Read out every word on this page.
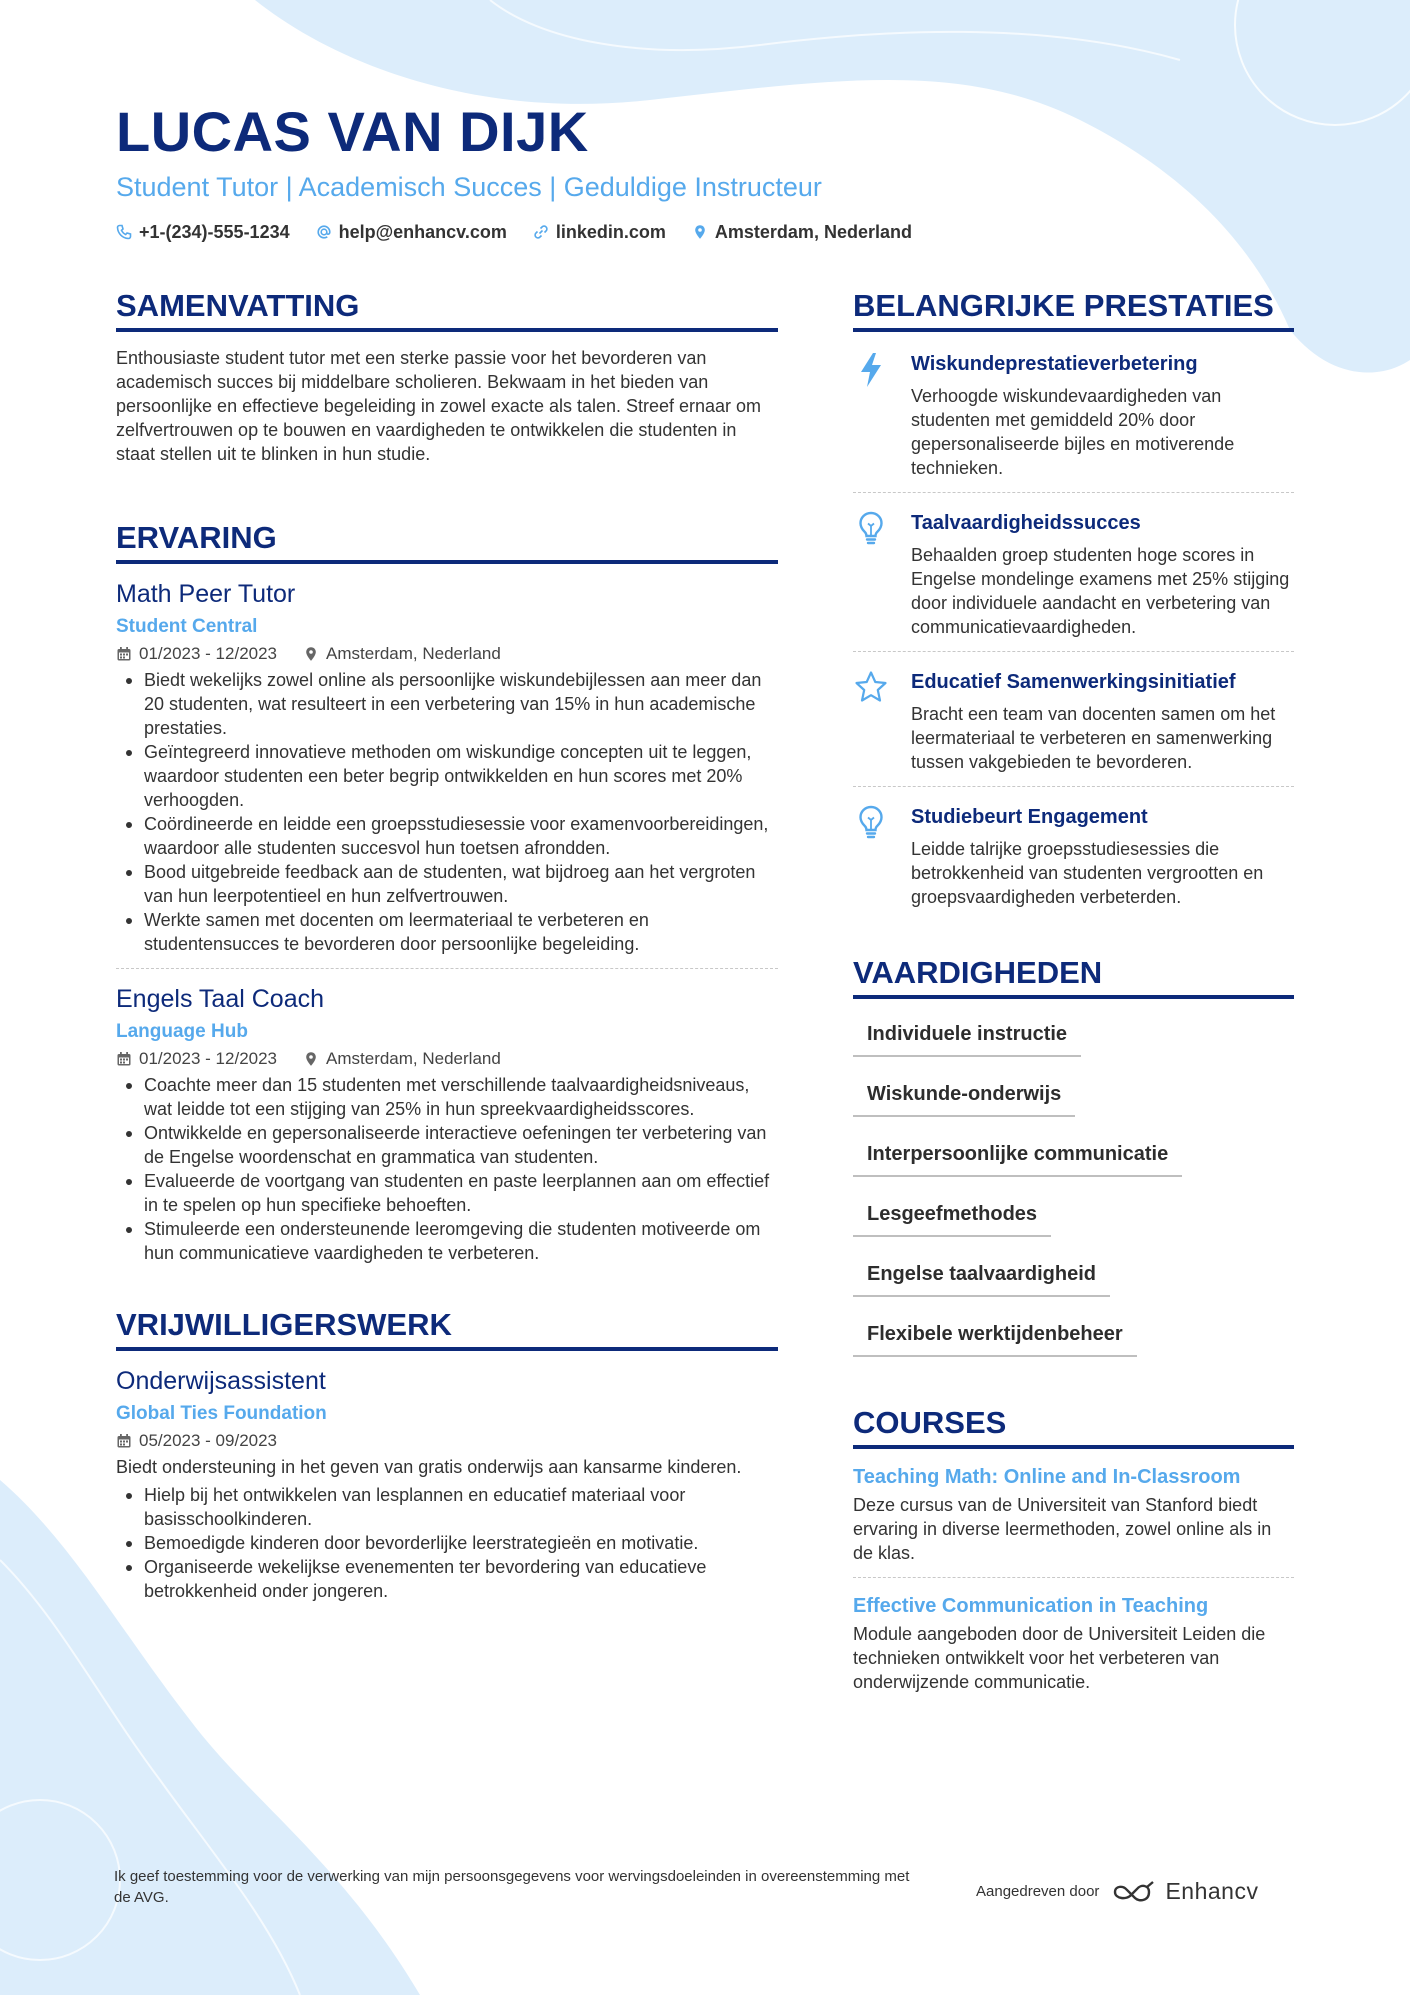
LUCAS VAN DIJK
Student Tutor | Academisch Succes | Geduldige Instructeur
+1-(234)-555-1234	help@enhancv.com	linkedin.com	Amsterdam, Nederland
SAMENVATTING

Enthousiaste student tutor met een sterke passie voor het bevorderen van academisch succes bij middelbare scholieren. Bekwaam in het bieden van persoonlijke en effectieve begeleiding in zowel exacte als talen. Streef ernaar om zelfvertrouwen op te bouwen en vaardigheden te ontwikkelen die studenten in staat stellen uit te blinken in hun studie.

ERVARING
Math Peer Tutor
Student Central
01/2023 - 12/2023	Amsterdam, Nederland
Biedt wekelijks zowel online als persoonlijke wiskundebijlessen aan meer dan 20 studenten, wat resulteert in een verbetering van 15% in hun academische prestaties.
Geïntegreerd innovatieve methoden om wiskundige concepten uit te leggen, waardoor studenten een beter begrip ontwikkelden en hun scores met 20% verhoogden.
Coördineerde en leidde een groepsstudiesessie voor examenvoorbereidingen, waardoor alle studenten succesvol hun toetsen afrondden.
Bood uitgebreide feedback aan de studenten, wat bijdroeg aan het vergroten van hun leerpotentieel en hun zelfvertrouwen.
Werkte samen met docenten om leermateriaal te verbeteren en studentensucces te bevorderen door persoonlijke begeleiding.
Engels Taal Coach
Language Hub
01/2023 - 12/2023	Amsterdam, Nederland
Coachte meer dan 15 studenten met verschillende taalvaardigheidsniveaus, wat leidde tot een stijging van 25% in hun spreekvaardigheidsscores.
Ontwikkelde en gepersonaliseerde interactieve oefeningen ter verbetering van de Engelse woordenschat en grammatica van studenten.
Evalueerde de voortgang van studenten en paste leerplannen aan om effectief in te spelen op hun specifieke behoeften.
Stimuleerde een ondersteunende leeromgeving die studenten motiveerde om hun communicatieve vaardigheden te verbeteren.
VRIJWILLIGERSWERK
Onderwijsassistent
Global Ties Foundation
05/2023 - 09/2023

Biedt ondersteuning in het geven van gratis onderwijs aan kansarme kinderen.

Hielp bij het ontwikkelen van lesplannen en educatief materiaal voor basisschoolkinderen.
Bemoedigde kinderen door bevorderlijke leerstrategieën en motivatie.
Organiseerde wekelijkse evenementen ter bevordering van educatieve betrokkenheid onder jongeren.
BELANGRIJKE PRESTATIES
Wiskundeprestatieverbetering
Verhoogde wiskundevaardigheden van studenten met gemiddeld 20% door gepersonaliseerde bijles en motiverende technieken.
Taalvaardigheidssucces
Behaalden groep studenten hoge scores in Engelse mondelinge examens met 25% stijging door individuele aandacht en verbetering van communicatievaardigheden.
Educatief Samenwerkingsinitiatief
Bracht een team van docenten samen om het leermateriaal te verbeteren en samenwerking tussen vakgebieden te bevorderen.
Studiebeurt Engagement
Leidde talrijke groepsstudiesessies die betrokkenheid van studenten vergrootten en groepsvaardigheden verbeterden.
VAARDIGHEDEN
Individuele instructie
Wiskunde-onderwijs
Interpersoonlijke communicatie
Lesgeefmethodes
Engelse taalvaardigheid
Flexibele werktijdenbeheer
COURSES
Teaching Math: Online and In-Classroom
Deze cursus van de Universiteit van Stanford biedt ervaring in diverse leermethoden, zowel online als in de klas.
Effective Communication in Teaching
Module aangeboden door de Universiteit Leiden die technieken ontwikkelt voor het verbeteren van onderwijzende communicatie.
Ik geef toestemming voor de verwerking van mijn persoonsgegevens voor wervingsdoeleinden in overeenstemming met de AVG.	Aangedreven door	Enhancv
